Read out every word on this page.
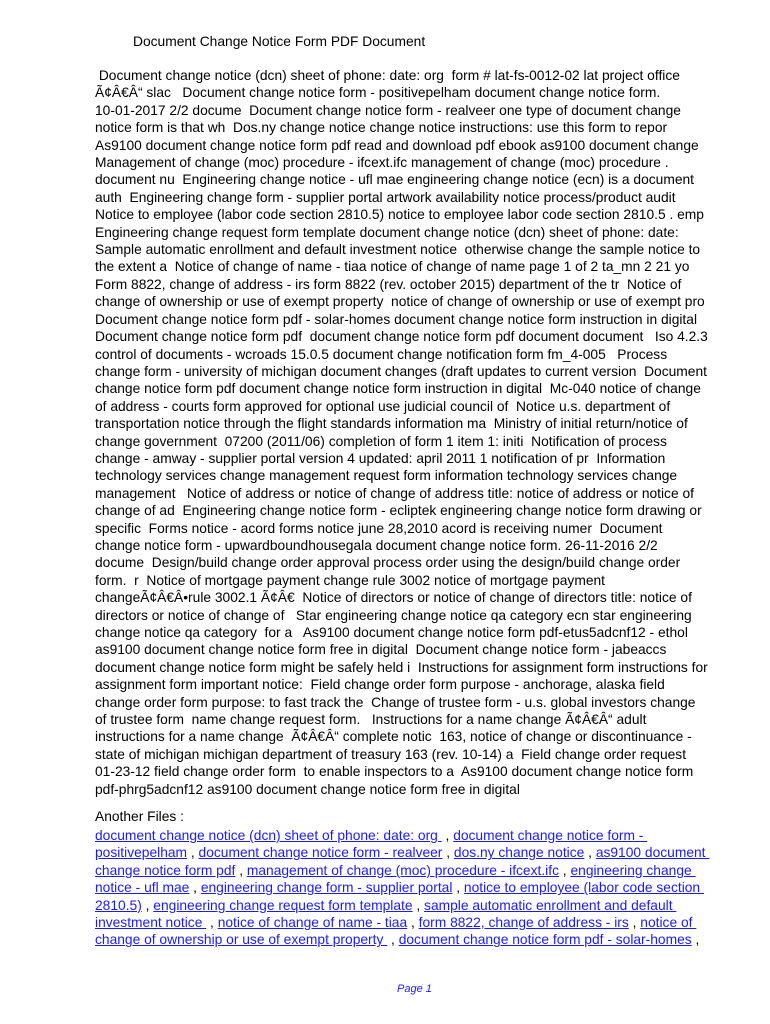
Document Change Notice Form PDF Document
Document change notice (dcn) sheet of phone: date: org  form # lat-fs-0012-02 lat project office
Ã¢Â€Â“ slac   Document change notice form - positivepelham document change notice form.
10-01-2017 2/2 docume  Document change notice form - realveer one type of document change
notice form is that wh  Dos.ny change notice change notice instructions: use this form to repor
As9100 document change notice form pdf read and download pdf ebook as9100 document change
Management of change (moc) procedure - ifcext.ifc management of change (moc) procedure .
document nu  Engineering change notice - ufl mae engineering change notice (ecn) is a document
auth  Engineering change form - supplier portal artwork availability notice process/product audit
Notice to employee (labor code section 2810.5) notice to employee labor code section 2810.5 . emp
Engineering change request form template document change notice (dcn) sheet of phone: date:
Sample automatic enrollment and default investment notice  otherwise change the sample notice to
the extent a  Notice of change of name - tiaa notice of change of name page 1 of 2 ta_mn 2 21 yo
Form 8822, change of address - irs form 8822 (rev. october 2015) department of the tr  Notice of
change of ownership or use of exempt property  notice of change of ownership or use of exempt pro
Document change notice form pdf - solar-homes document change notice form instruction in digital
Document change notice form pdf  document change notice form pdf document document   Iso 4.2.3
control of documents - wcroads 15.0.5 document change notification form fm_4-005   Process
change form - university of michigan document changes (draft updates to current version  Document
change notice form pdf document change notice form instruction in digital  Mc-040 notice of change
of address - courts form approved for optional use judicial council of  Notice u.s. department of
transportation notice through the flight standards information ma  Ministry of initial return/notice of
change government  07200 (2011/06) completion of form 1 item 1: initi  Notification of process
change - amway - supplier portal version 4 updated: april 2011 1 notification of pr  Information
technology services change management request form information technology services change
management   Notice of address or notice of change of address title: notice of address or notice of
change of ad  Engineering change notice form - ecliptek engineering change notice form drawing or
specific  Forms notice - acord forms notice june 28,2010 acord is receiving numer  Document
change notice form - upwardboundhousegala document change notice form. 26-11-2016 2/2
docume  Design/build change order approval process order using the design/build change order
form.  r  Notice of mortgage payment change rule 3002 notice of mortgage payment
changeÃ¢Â€Â•rule 3002.1 Ã¢Â€  Notice of directors or notice of change of directors title: notice of
directors or notice of change of   Star engineering change notice qa category ecn star engineering
change notice qa category  for a   As9100 document change notice form pdf-etus5adcnf12 - ethol
as9100 document change notice form free in digital  Document change notice form - jabeaccs
document change notice form might be safely held i  Instructions for assignment form instructions for
assignment form important notice:  Field change order form purpose - anchorage, alaska field
change order form purpose: to fast track the  Change of trustee form - u.s. global investors change
of trustee form  name change request form.   Instructions for a name change Ã¢Â€Â“ adult
instructions for a name change  Ã¢Â€Â“ complete notic  163, notice of change or discontinuance -
state of michigan michigan department of treasury 163 (rev. 10-14) a  Field change order request
01-23-12 field change order form  to enable inspectors to a  As9100 document change notice form
pdf-phrg5adcnf12 as9100 document change notice form free in digital
Another Files :
document change notice (dcn) sheet of phone: date: org  , document change notice form -
positivepelham , document change notice form - realveer , dos.ny change notice , as9100 document
change notice form pdf , management of change (moc) procedure - ifcext.ifc , engineering change
notice - ufl mae , engineering change form - supplier portal , notice to employee (labor code section
2810.5) , engineering change request form template , sample automatic enrollment and default
investment notice  , notice of change of name - tiaa , form 8822, change of address - irs , notice of
change of ownership or use of exempt property  , document change notice form pdf - solar-homes ,
Page 1
